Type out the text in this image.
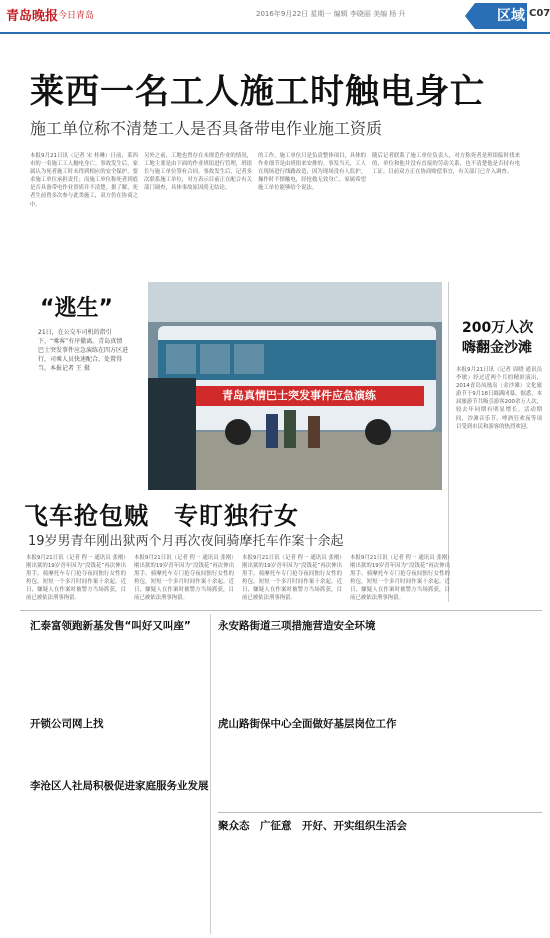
青岛晚报 今日青岛	2016年9月22日 星期一 编辑 李晓丽 美编 杨 升	区域 C07
莱西一名工人施工时触电身亡
施工单位称不清楚工人是否具备带电作业施工资质
本报9月21日讯（记者 宋 桂琳）日前，莱西市的一名施工工人触电身亡。事故发生后，家属认为死者施工时未得到相应的安全保护，要求施工单位承担责任；而施工单位称死者到底是否具备带电作业资质并不清楚。据了解，死者生前曾多次参与此类施工，双方仍在协商之中。
另外之前，工地也曾存在未规范作业的情况，工地主要是由下面的作业班组进行管理，班组长与施工单位签有合同。事故发生后，记者多次联系施工单位，对方表示目前正在配合有关部门调查，具体事故原因尚无结论。
的工作，施工单位只是负责整体项目，具体的作业细节是由班组来安排的。事发当天，工人在现场进行线路改造，因为现场没有人监护，操作时不慎触电，经抢救无效身亡。家属希望施工单位能够给个说法。
随后记者联系了施工单位负责人，对方称死者是班组临时找来的，单位和他并没有直接的劳动关系，也不清楚他是否持有电工证。目前双方正在协商赔偿事宜，有关部门已介入调查。
“逃生”
21日，在公交车司机的指引下，“乘客”有序撤离。青岛真情巴士突发事件应急演练在四方区进行，司乘人员快速配合，处置得当。本报记者 王 摄
青岛真情巴士突发事件应急演练
200万人次
嗨翻金沙滩
本报9月21日讯（记者 周晓 通讯员 李敏）经过近两个月的精彩演出，2014青岛凤凰岛（金沙滩）文化旅游节于9月18日圆满闭幕。据悉，本届旅游节共吸引游客200余万人次，较去年同期有明显增长。活动期间，沙滩音乐节、啤酒狂欢夜等项目受到市民和游客的热烈欢迎。
飞车抢包贼　专盯独行女
19岁男青年刚出狱两个月再次夜间骑摩托车作案十余起
本报9月21日讯（记者 程一 通讯员 张刚）刚出狱的19岁青年因为“没钱花”再次伸出黑手，骑摩托车专门抢夺夜间独行女性的挎包，短短一个多月时间作案十余起。近日，嫌疑人在作案时被警方当场抓获，目前已被依法刑事拘留。
本报9月21日讯（记者 程一 通讯员 张刚）刚出狱的19岁青年因为“没钱花”再次伸出黑手，骑摩托车专门抢夺夜间独行女性的挎包，短短一个多月时间作案十余起。近日，嫌疑人在作案时被警方当场抓获，目前已被依法刑事拘留。
本报9月21日讯（记者 程一 通讯员 张刚）刚出狱的19岁青年因为“没钱花”再次伸出黑手，骑摩托车专门抢夺夜间独行女性的挎包，短短一个多月时间作案十余起。近日，嫌疑人在作案时被警方当场抓获，目前已被依法刑事拘留。
本报9月21日讯（记者 程一 通讯员 张刚）刚出狱的19岁青年因为“没钱花”再次伸出黑手，骑摩托车专门抢夺夜间独行女性的挎包，短短一个多月时间作案十余起。近日，嫌疑人在作案时被警方当场抓获，目前已被依法刑事拘留。
汇泰富领跑新基发售“叫好又叫座”	永安路街道三项措施营造安全环境
开锁公司网上找	虎山路街保中心全面做好基层岗位工作
李沧区人社局积极促进家庭服务业发展
聚众态　广征意　开好、开实组织生活会
